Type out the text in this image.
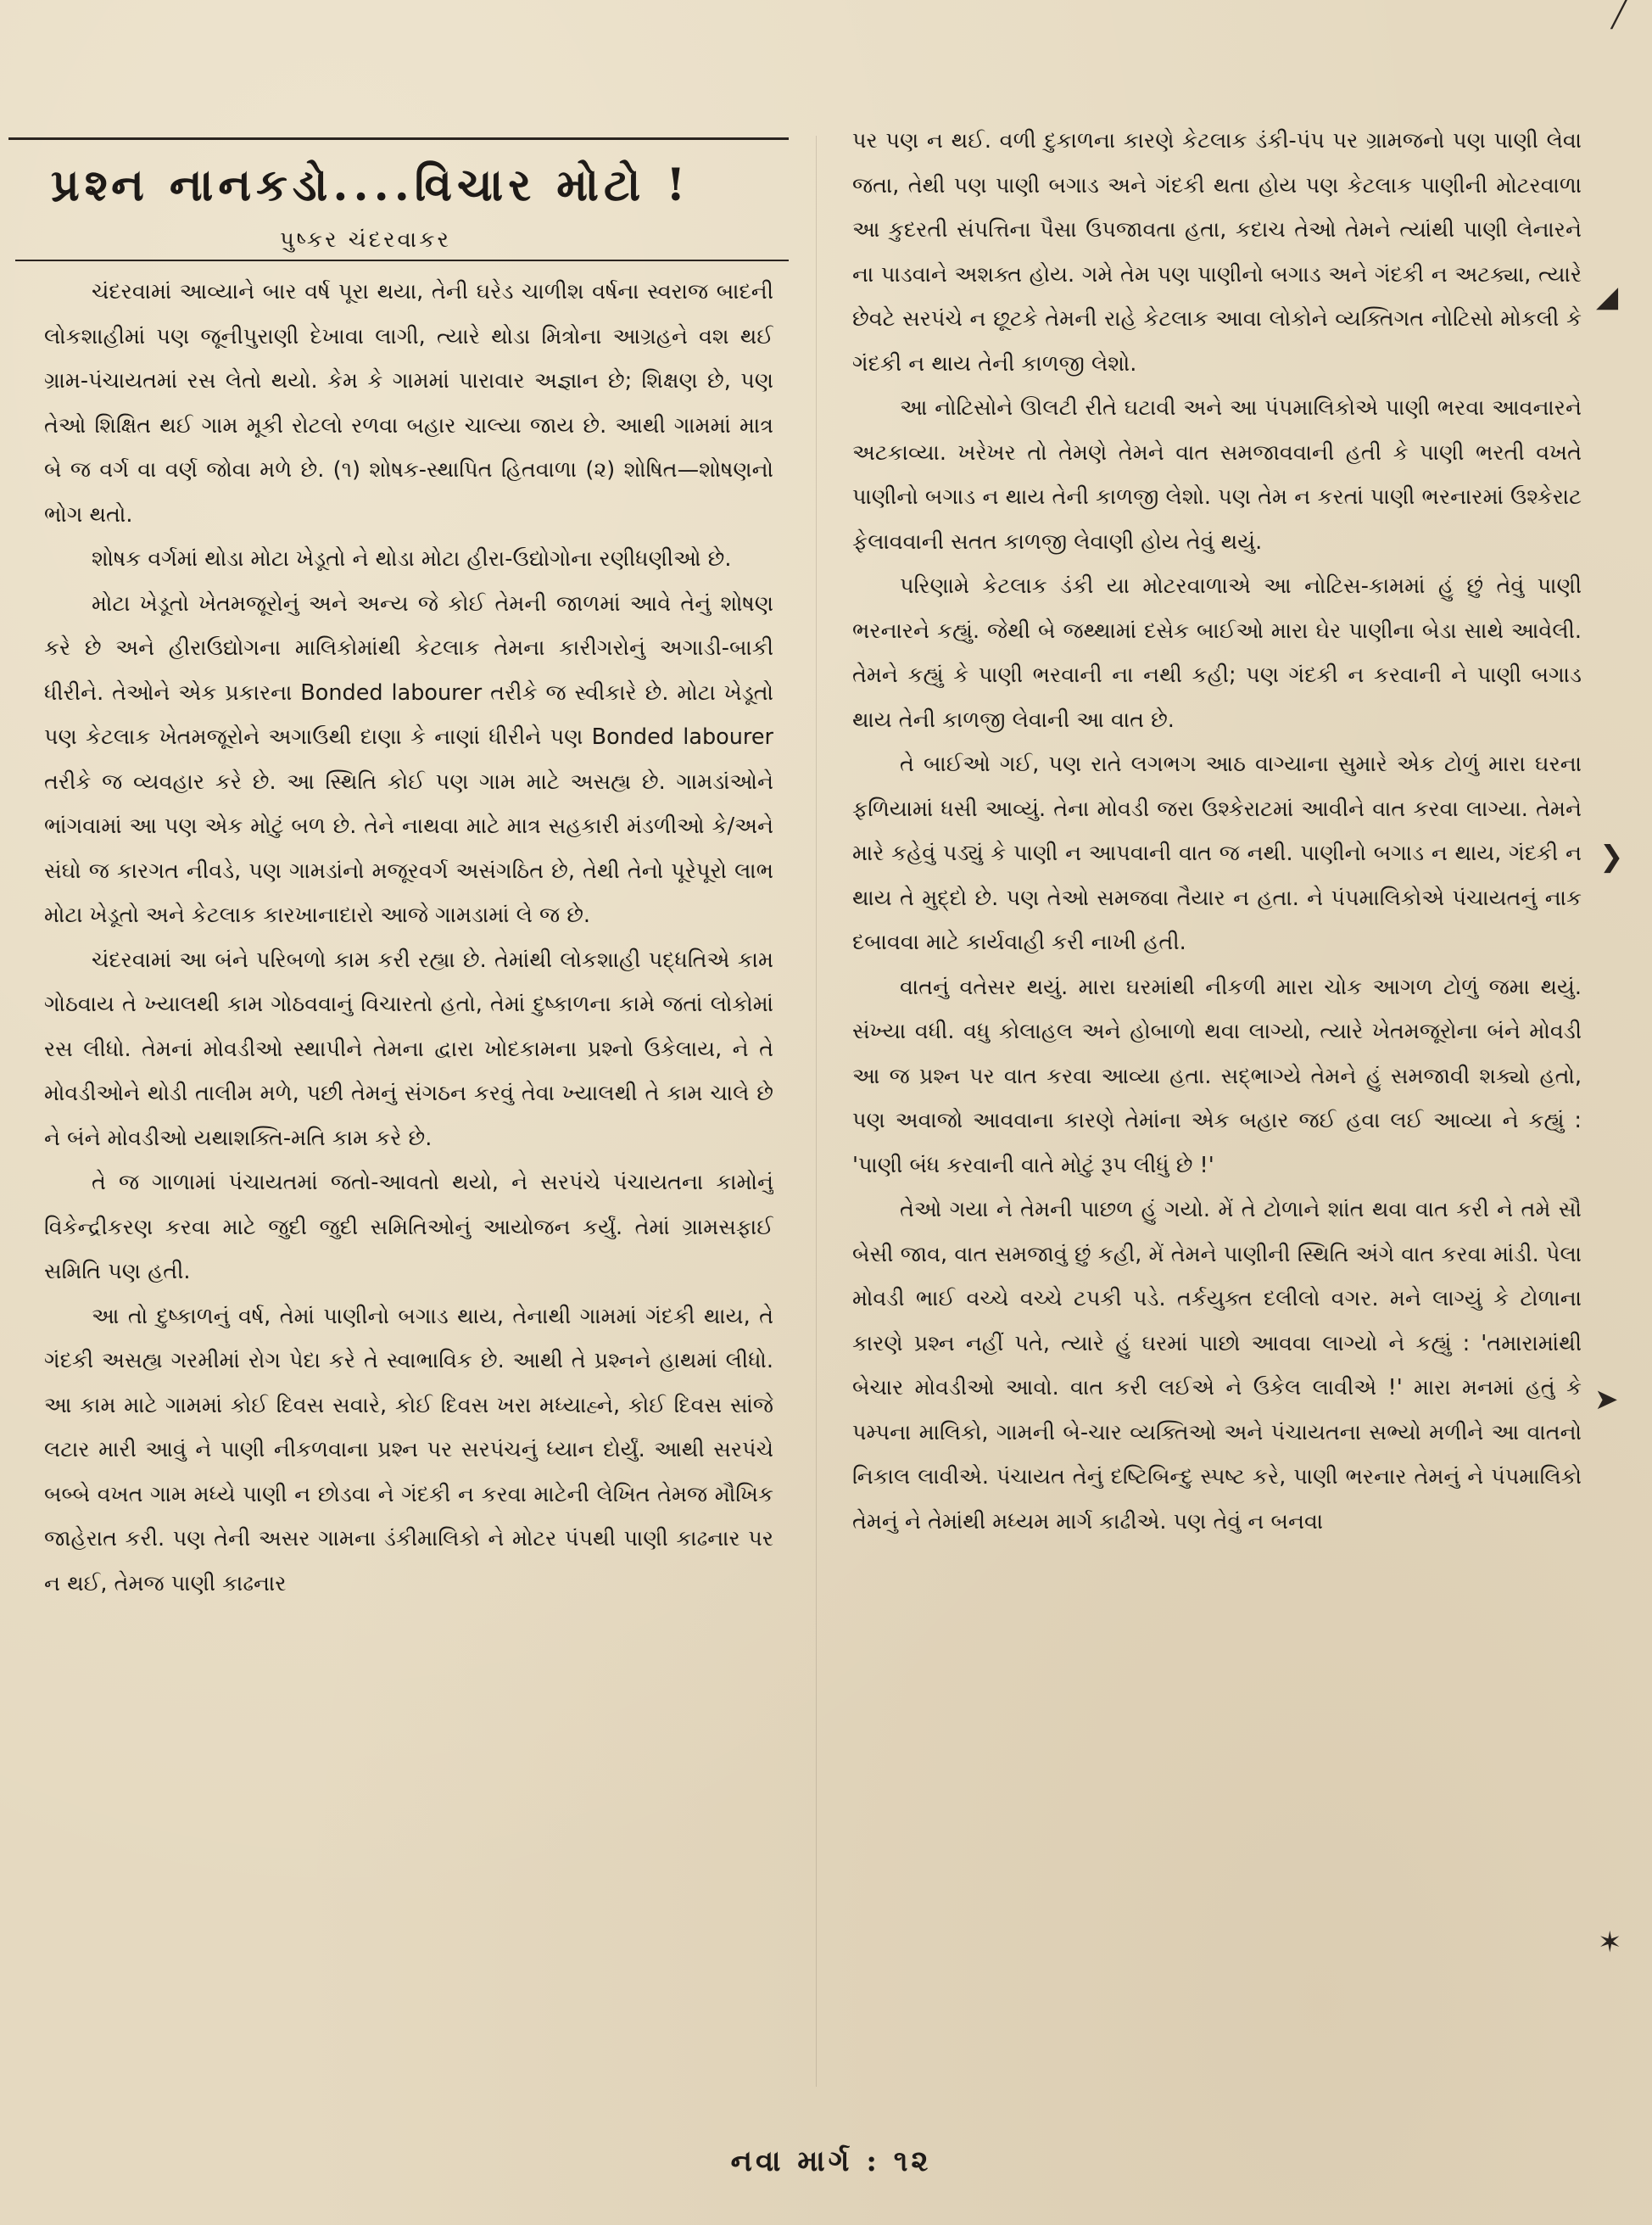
╱
પ્રશ્ન નાનકડો....વિચાર મોટો !
પુષ્કર ચંદરવાકર

ચંદરવામાં આવ્યાને બાર વર્ષ પૂરા થયા, તેની ઘરેડ ચાળીશ વર્ષના સ્વરાજ બાદની લોકશાહીમાં પણ જૂનીપુરાણી દેખાવા લાગી, ત્યારે થોડા મિત્રોના આગ્રહને વશ થઈ ગ્રામ-પંચાયતમાં રસ લેતો થયો. કેમ કે ગામમાં પારાવાર અજ્ઞાન છે; શિક્ષણ છે, પણ તેઓ શિક્ષિત થઈ ગામ મૂકી રોટલો રળવા બહાર ચાલ્યા જાય છે. આથી ગામમાં માત્ર બે જ વર્ગ વા વર્ણ જોવા મળે છે. (૧) શોષક-સ્થાપિત હિતવાળા (૨) શોષિત—શોષણનો ભોગ થતો.

શોષક વર્ગમાં થોડા મોટા ખેડૂતો ને થોડા મોટા હીરા-ઉદ્યોગોના રણીધણીઓ છે.

મોટા ખેડૂતો ખેતમજૂરોનું અને અન્ય જે કોઈ તેમની જાળમાં આવે તેનું શોષણ કરે છે અને હીરાઉદ્યોગના માલિકોમાંથી કેટલાક તેમના કારીગરોનું અગાડી-બાકી ધીરીને. તેઓને એક પ્રકારના Bonded labourer તરીકે જ સ્વીકારે છે. મોટા ખેડૂતો પણ કેટલાક ખેતમજૂરોને અગાઉથી દાણા કે નાણાં ધીરીને પણ Bonded labourer તરીકે જ વ્યવહાર કરે છે. આ સ્થિતિ કોઈ પણ ગામ માટે અસહ્ય છે. ગામડાંઓને ભાંગવામાં આ પણ એક મોટું બળ છે. તેને નાથવા માટે માત્ર સહકારી મંડળીઓ કે/અને સંઘો જ કારગત નીવડે, પણ ગામડાંનો મજૂરવર્ગ અસંગઠિત છે, તેથી તેનો પૂરેપૂરો લાભ મોટા ખેડૂતો અને કેટલાક કારખાનાદારો આજે ગામડામાં લે જ છે.

ચંદરવામાં આ બંને પરિબળો કામ કરી રહ્યા છે. તેમાંથી લોકશાહી પદ્ધતિએ કામ ગોઠવાય તે ખ્યાલથી કામ ગોઠવવાનું વિચારતો હતો, તેમાં દુષ્કાળના કામે જતાં લોકોમાં રસ લીધો. તેમનાં મોવડીઓ સ્થાપીને તેમના દ્વારા ખોદકામના પ્રશ્નો ઉકેલાય, ને તે મોવડીઓને થોડી તાલીમ મળે, પછી તેમનું સંગઠન કરવું તેવા ખ્યાલથી તે કામ ચાલે છે ને બંને મોવડીઓ યથાશક્તિ-મતિ કામ કરે છે.

તે જ ગાળામાં પંચાયતમાં જતો-આવતો થયો, ને સરપંચે પંચાયતના કામોનું વિકેન્દ્રીકરણ કરવા માટે જુદી જુદી સમિતિઓનું આયોજન કર્યું. તેમાં ગ્રામસફાઈ સમિતિ પણ હતી.

આ તો દુષ્કાળનું વર્ષ, તેમાં પાણીનો બગાડ થાય, તેનાથી ગામમાં ગંદકી થાય, તે ગંદકી અસહ્ય ગરમીમાં રોગ પેદા કરે તે સ્વાભાવિક છે. આથી તે પ્રશ્નને હાથમાં લીધો. આ કામ માટે ગામમાં કોઈ દિવસ સવારે, કોઈ દિવસ ખરા મધ્યાહ્ને, કોઈ દિવસ સાંજે લટાર મારી આવું ને પાણી નીકળવાના પ્રશ્ન પર સરપંચનું ધ્યાન દોર્યું. આથી સરપંચે બબ્બે વખત ગામ મધ્યે પાણી ન છોડવા ને ગંદકી ન કરવા માટેની લેખિત તેમજ મૌખિક જાહેરાત કરી. પણ તેની અસર ગામના ડંકીમાલિકો ને મોટર પંપથી પાણી કાઢનાર પર ન થઈ, તેમજ પાણી કાઢનાર

પર પણ ન થઈ. વળી દુકાળના કારણે કેટલાક ડંકી-પંપ પર ગ્રામજનો પણ પાણી લેવા જતા, તેથી પણ પાણી બગાડ અને ગંદકી થતા હોય પણ કેટલાક પાણીની મોટરવાળા આ કુદરતી સંપત્તિના પૈસા ઉપજાવતા હતા, કદાચ તેઓ તેમને ત્યાંથી પાણી લેનારને ના પાડવાને અશક્ત હોય. ગમે તેમ પણ પાણીનો બગાડ અને ગંદકી ન અટક્યા, ત્યારે છેવટે સરપંચે ન છૂટકે તેમની રાહે કેટલાક આવા લોકોને વ્યક્તિગત નોટિસો મોકલી કે ગંદકી ન થાય તેની કાળજી લેશો.

આ નોટિસોને ઊલટી રીતે ઘટાવી અને આ પંપમાલિકોએ પાણી ભરવા આવનારને અટકાવ્યા. ખરેખર તો તેમણે તેમને વાત સમજાવવાની હતી કે પાણી ભરતી વખતે પાણીનો બગાડ ન થાય તેની કાળજી લેશો. પણ તેમ ન કરતાં પાણી ભરનારમાં ઉશ્કેરાટ ફેલાવવાની સતત કાળજી લેવાણી હોય તેવું થયું.

પરિણામે કેટલાક ડંકી યા મોટરવાળાએ આ નોટિસ-કામમાં હું છું તેવું પાણી ભરનારને કહ્યું. જેથી બે જથ્થામાં દસેક બાઈઓ મારા ઘેર પાણીના બેડા સાથે આવેલી. તેમને કહ્યું કે પાણી ભરવાની ના નથી કહી; પણ ગંદકી ન કરવાની ને પાણી બગાડ થાય તેની કાળજી લેવાની આ વાત છે.

તે બાઈઓ ગઈ, પણ રાતે લગભગ આઠ વાગ્યાના સુમારે એક ટોળું મારા ઘરના ફળિયામાં ધસી આવ્યું. તેના મોવડી જરા ઉશ્કેરાટમાં આવીને વાત કરવા લાગ્યા. તેમને મારે કહેવું પડ્યું કે પાણી ન આપવાની વાત જ નથી. પાણીનો બગાડ ન થાય, ગંદકી ન થાય તે મુદ્દો છે. પણ તેઓ સમજવા તૈયાર ન હતા. ને પંપમાલિકોએ પંચાયતનું નાક દબાવવા માટે કાર્યવાહી કરી નાખી હતી.

વાતનું વતેસર થયું. મારા ઘરમાંથી નીકળી મારા ચોક આગળ ટોળું જમા થયું. સંખ્યા વધી. વધુ કોલાહલ અને હોબાળો થવા લાગ્યો, ત્યારે ખેતમજૂરોના બંને મોવડી આ જ પ્રશ્ન પર વાત કરવા આવ્યા હતા. સદ્ભાગ્યે તેમને હું સમજાવી શક્યો હતો, પણ અવાજો આવવાના કારણે તેમાંના એક બહાર જઈ હવા લઈ આવ્યા ને કહ્યું : 'પાણી બંધ કરવાની વાતે મોટું રૂપ લીધું છે !'

તેઓ ગયા ને તેમની પાછળ હું ગયો. મેં તે ટોળાને શાંત થવા વાત કરી ને તમે સૌ બેસી જાવ, વાત સમજાવું છું કહી, મેં તેમને પાણીની સ્થિતિ અંગે વાત કરવા માંડી. પેલા મોવડી ભાઈ વચ્ચે વચ્ચે ટપકી પડે. તર્કયુક્ત દલીલો વગર. મને લાગ્યું કે ટોળાના કારણે પ્રશ્ન નહીં પતે, ત્યારે હું ઘરમાં પાછો આવવા લાગ્યો ને કહ્યું : 'તમારામાંથી બેચાર મોવડીઓ આવો. વાત કરી લઈએ ને ઉકેલ લાવીએ !' મારા મનમાં હતું કે પમ્પના માલિકો, ગામની બે-ચાર વ્યક્તિઓ અને પંચાયતના સભ્યો મળીને આ વાતનો નિકાલ લાવીએ. પંચાયત તેનું દષ્ટિબિન્દુ સ્પષ્ટ કરે, પાણી ભરનાર તેમનું ને પંપમાલિકો તેમનું ને તેમાંથી મધ્યમ માર્ગ કાઢીએ. પણ તેવું ન બનવા

◢
❯
➤
✶
નવા માર્ગ : ૧૨
